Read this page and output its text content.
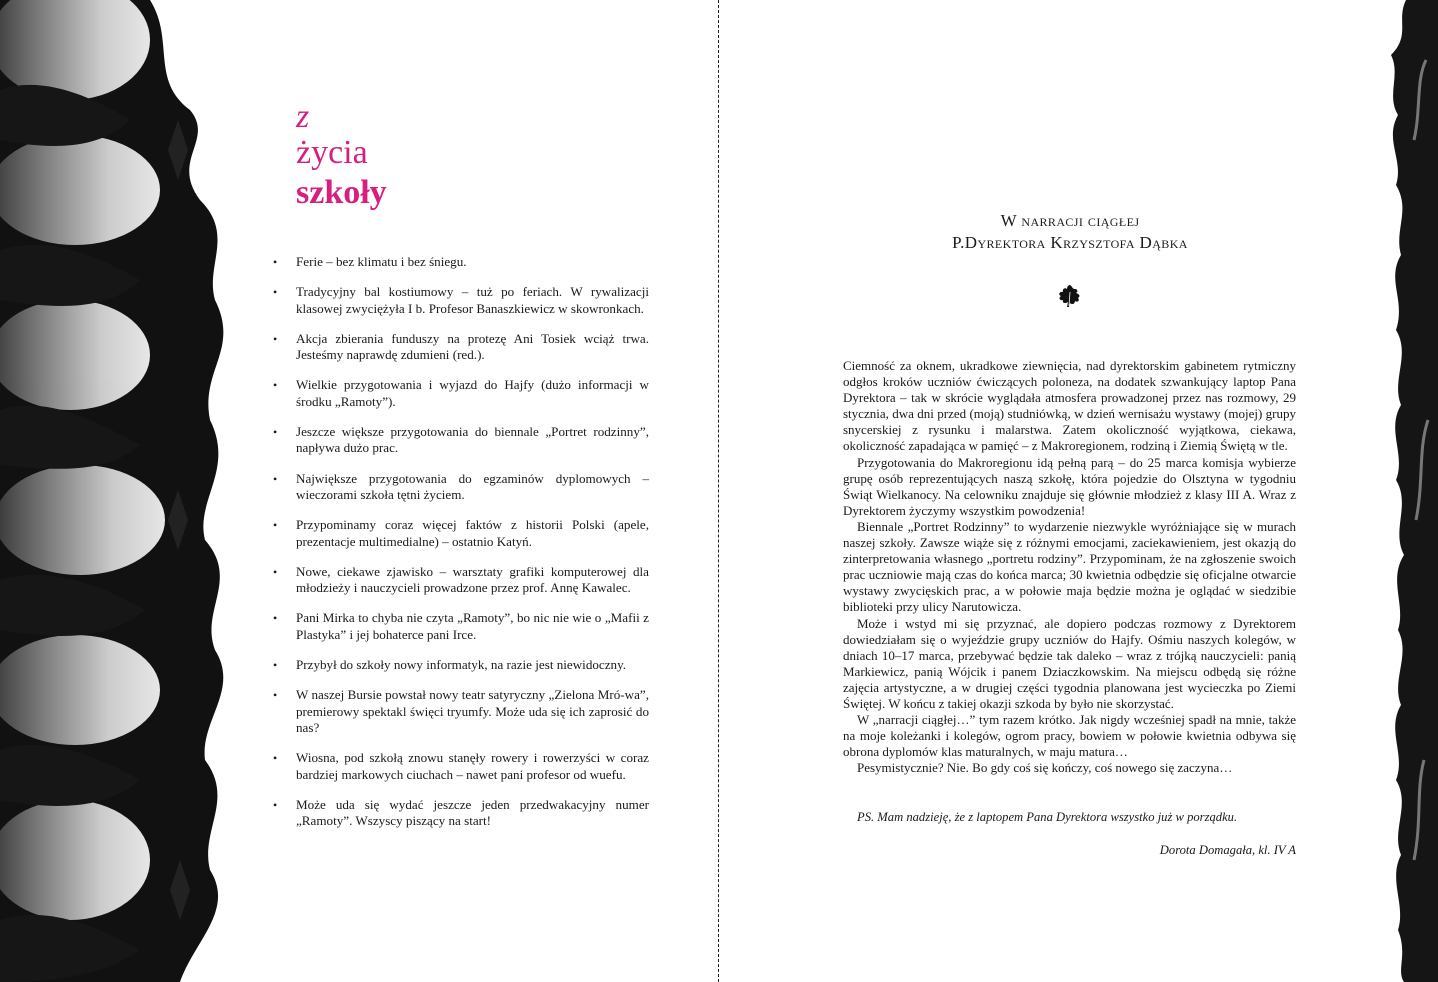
z
życia
szkoły
• Ferie – bez klimatu i bez śniegu.
• Tradycyjny bal kostiumowy – tuż po feriach. W rywalizacji klasowej zwyciężyła I b. Profesor Banaszkiewicz w skowronkach.
• Akcja zbierania funduszy na protezę Ani Tosiek wciąż trwa. Jesteśmy naprawdę zdumieni (red.).
• Wielkie przygotowania i wyjazd do Hajfy (dużo informacji w środku „Ramoty”).
• Jeszcze większe przygotowania do biennale „Portret rodzinny”, napływa dużo prac.
• Największe przygotowania do egzaminów dyplomowych – wieczorami szkoła tętni życiem.
• Przypominamy coraz więcej faktów z historii Polski (apele, prezentacje multimedialne) – ostatnio Katyń.
• Nowe, ciekawe zjawisko – warsztaty grafiki komputerowej dla młodzieży i nauczycieli prowadzone przez prof. Annę Kawalec.
• Pani Mirka to chyba nie czyta „Ramoty”, bo nic nie wie o „Mafii z Plastyka” i jej bohaterce pani Irce.
• Przybył do szkoły nowy informatyk, na razie jest niewidoczny.
• W naszej Bursie powstał nowy teatr satyryczny „Zielona Mró-wa”, premierowy spektakl święci tryumfy. Może uda się ich zaprosić do nas?
• Wiosna, pod szkołą znowu stanęły rowery i rowerzyści w coraz bardziej markowych ciuchach – nawet pani profesor od wuefu.
• Może uda się wydać jeszcze jeden przedwakacyjny numer „Ramoty”. Wszyscy piszący na start!
W narracji ciągłej
P.Dyrektora Krzysztofa Dąbka

Ciemność za oknem, ukradkowe ziewnięcia, nad dyrektorskim gabinetem rytmiczny odgłos kroków uczniów ćwiczących poloneza, na dodatek szwankujący laptop Pana Dyrektora – tak w skrócie wyglądała atmosfera prowadzonej przez nas rozmowy, 29 stycznia, dwa dni przed (moją) studniówką, w dzień wernisażu wystawy (mojej) grupy snycerskiej z rysunku i malarstwa. Zatem okoliczność wyjątkowa, ciekawa, okoliczność zapadająca w pamięć – z Makroregionem, rodziną i Ziemią Świętą w tle.

Przygotowania do Makroregionu idą pełną parą – do 25 marca komisja wybierze grupę osób reprezentujących naszą szkołę, która pojedzie do Olsztyna w tygodniu Świąt Wielkanocy. Na celowniku znajduje się głównie młodzież z klasy III A. Wraz z Dyrektorem życzymy wszystkim powodzenia!

Biennale „Portret Rodzinny” to wydarzenie niezwykle wyróżniające się w murach naszej szkoły. Zawsze wiąże się z różnymi emocjami, zaciekawieniem, jest okazją do zinterpretowania własnego „portretu rodziny”. Przypominam, że na zgłoszenie swoich prac uczniowie mają czas do końca marca; 30 kwietnia odbędzie się oficjalne otwarcie wystawy zwycięskich prac, a w połowie maja będzie można je oglądać w siedzibie biblioteki przy ulicy Narutowicza.

Może i wstyd mi się przyznać, ale dopiero podczas rozmowy z Dyrektorem dowiedziałam się o wyjeździe grupy uczniów do Hajfy. Ośmiu naszych kolegów, w dniach 10–17 marca, przebywać będzie tak daleko – wraz z trójką nauczycieli: panią Markiewicz, panią Wójcik i panem Dziaczkowskim. Na miejscu odbędą się różne zajęcia artystyczne, a w drugiej części tygodnia planowana jest wycieczka po Ziemi Świętej. W końcu z takiej okazji szkoda by było nie skorzystać.

W „narracji ciągłej…” tym razem krótko. Jak nigdy wcześniej spadł na mnie, także na moje koleżanki i kolegów, ogrom pracy, bowiem w połowie kwietnia odbywa się obrona dyplomów klas maturalnych, w maju matura…

Pesymistycznie? Nie. Bo gdy coś się kończy, coś nowego się zaczyna…

PS. Mam nadzieję, że z laptopem Pana Dyrektora wszystko już w porządku.
Dorota Domagała, kl. IV A
